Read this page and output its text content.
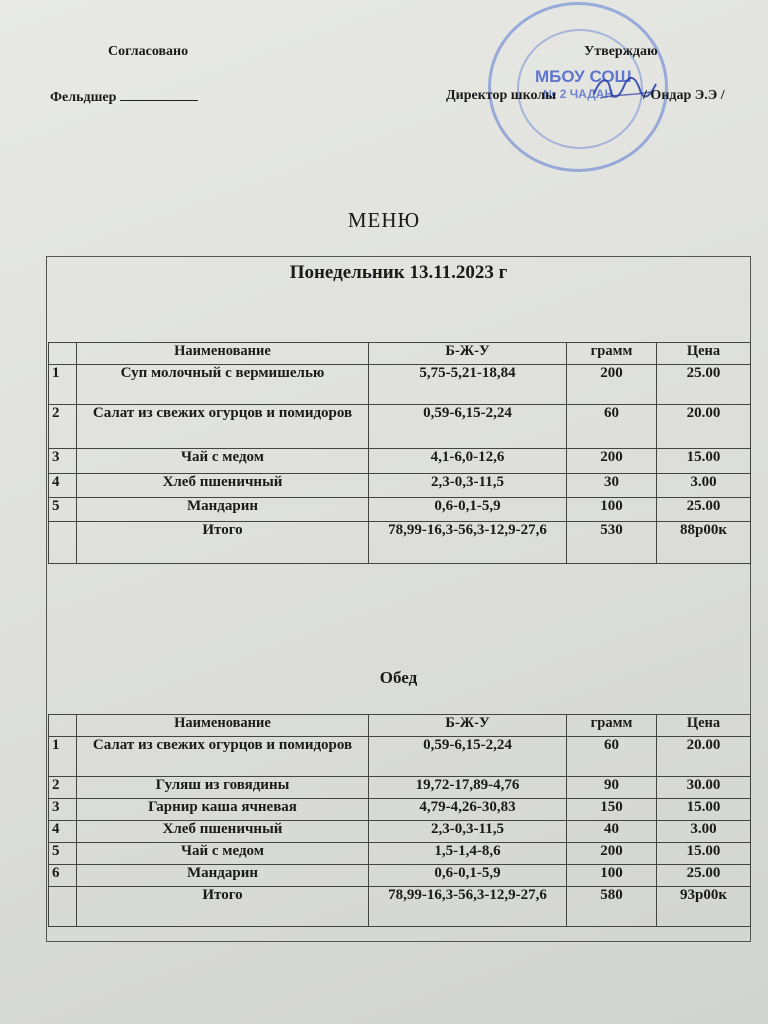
МБОУ СОШ
№ 2 ЧАДАН
Согласовано
Фельдшер
Утверждаю
Директор школы	/ Ондар Э.Э /
МЕНЮ
Понедельник 13.11.2023 г
	Наименование	Б-Ж-У	грамм	Цена
1	Суп молочный с вермишелью	5,75-5,21-18,84	200	25.00
2	Салат из свежих огурцов и помидоров	0,59-6,15-2,24	60	20.00
3	Чай с медом	4,1-6,0-12,6	200	15.00
4	Хлеб пшеничный	2,3-0,3-11,5	30	3.00
5	Мандарин	0,6-0,1-5,9	100	25.00
	Итого	78,99-16,3-56,3-12,9-27,6	530	88р00к
Обед
	Наименование	Б-Ж-У	грамм	Цена
1	Салат из свежих огурцов и помидоров	0,59-6,15-2,24	60	20.00
2	Гуляш из говядины	19,72-17,89-4,76	90	30.00
3	Гарнир каша ячневая	4,79-4,26-30,83	150	15.00
4	Хлеб пшеничный	2,3-0,3-11,5	40	3.00
5	Чай с медом	1,5-1,4-8,6	200	15.00
6	Мандарин	0,6-0,1-5,9	100	25.00
	Итого	78,99-16,3-56,3-12,9-27,6	580	93р00к
